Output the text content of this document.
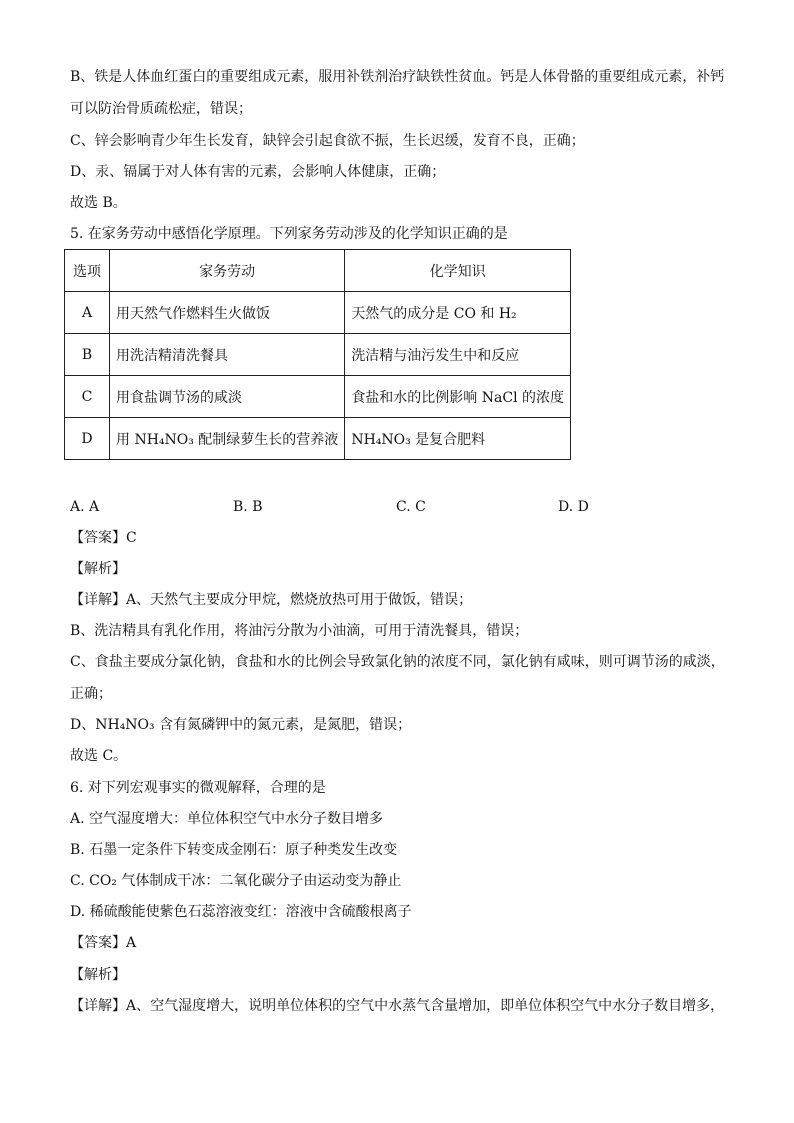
B、铁是人体血红蛋白的重要组成元素，服用补铁剂治疗缺铁性贫血。钙是人体骨骼的重要组成元素，补钙
可以防治骨质疏松症，错误；
C、锌会影响青少年生长发育，缺锌会引起食欲不振，生长迟缓，发育不良，正确；
D、汞、镉属于对人体有害的元素，会影响人体健康，正确；
故选 B。
5. 在家务劳动中感悟化学原理。下列家务劳动涉及的化学知识正确的是
选项	家务劳动	化学知识
A	用天然气作燃料生火做饭	天然气的成分是 CO 和 H₂
B	用洗洁精清洗餐具	洗洁精与油污发生中和反应
C	用食盐调节汤的咸淡	食盐和水的比例影响 NaCl 的浓度
D	用 NH₄NO₃ 配制绿萝生长的营养液	NH₄NO₃ 是复合肥料
A. A	B. B	C. C	D. D
【答案】C
【解析】
【详解】A、天然气主要成分甲烷，燃烧放热可用于做饭，错误；
B、洗洁精具有乳化作用，将油污分散为小油滴，可用于清洗餐具，错误；
C、食盐主要成分氯化钠，食盐和水的比例会导致氯化钠的浓度不同，氯化钠有咸味，则可调节汤的咸淡，
正确；
D、NH₄NO₃ 含有氮磷钾中的氮元素，是氮肥，错误；
故选 C。
6. 对下列宏观事实的微观解释，合理的是
A. 空气湿度增大：单位体积空气中水分子数目增多
B. 石墨一定条件下转变成金刚石：原子种类发生改变
C. CO₂ 气体制成干冰：二氧化碳分子由运动变为静止
D. 稀硫酸能使紫色石蕊溶液变红：溶液中含硫酸根离子
【答案】A
【解析】
【详解】A、空气湿度增大，说明单位体积的空气中水蒸气含量增加，即单位体积空气中水分子数目增多，
